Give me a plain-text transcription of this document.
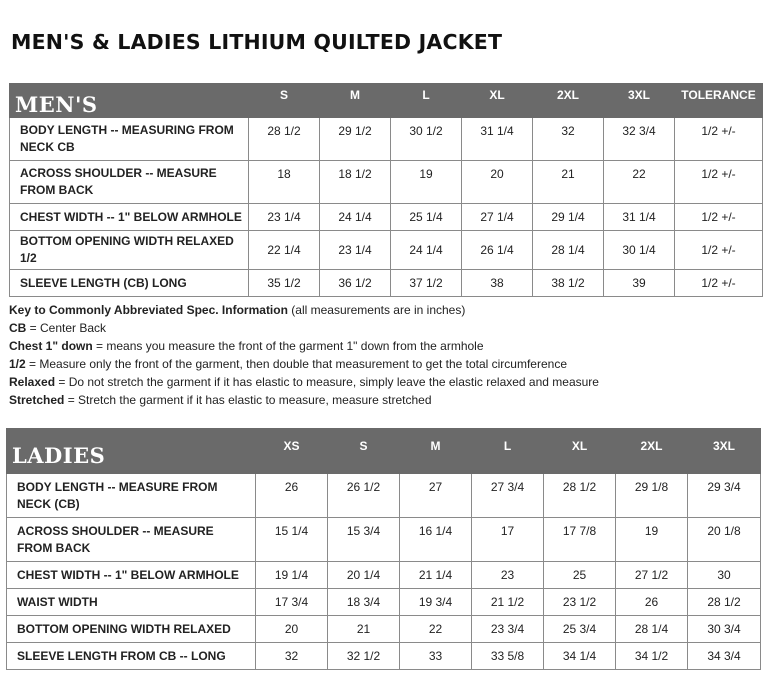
MEN'S & LADIES LITHIUM QUILTED JACKET
MEN'S	S	M	L	XL	2XL	3XL	TOLERANCE
BODY LENGTH -- MEASURING FROM NECK CB	28 1/2	29 1/2	30 1/2	31 1/4	32	32 3/4	1/2 +/-
ACROSS SHOULDER -- MEASURE FROM BACK	18	18 1/2	19	20	21	22	1/2 +/-
CHEST WIDTH -- 1" BELOW ARMHOLE	23 1/4	24 1/4	25 1/4	27 1/4	29 1/4	31 1/4	1/2 +/-
BOTTOM OPENING WIDTH RELAXED 1/2	22 1/4	23 1/4	24 1/4	26 1/4	28 1/4	30 1/4	1/2 +/-
SLEEVE LENGTH (CB) LONG	35 1/2	36 1/2	37 1/2	38	38 1/2	39	1/2 +/-

Key to Commonly Abbreviated Spec. Information (all measurements are in inches)

CB = Center Back

Chest 1" down = means you measure the front of the garment 1" down from the armhole

1/2 = Measure only the front of the garment, then double that measurement to get the total circumference

Relaxed = Do not stretch the garment if it has elastic to measure, simply leave the elastic relaxed and measure

Stretched = Stretch the garment if it has elastic to measure, measure stretched

LADIES	XS	S	M	L	XL	2XL	3XL
BODY LENGTH -- MEASURE FROM NECK (CB)	26	26 1/2	27	27 3/4	28 1/2	29 1/8	29 3/4
ACROSS SHOULDER -- MEASURE FROM BACK	15 1/4	15 3/4	16 1/4	17	17 7/8	19	20 1/8
CHEST WIDTH -- 1" BELOW ARMHOLE	19 1/4	20 1/4	21 1/4	23	25	27 1/2	30
WAIST WIDTH	17 3/4	18 3/4	19 3/4	21 1/2	23 1/2	26	28 1/2
BOTTOM OPENING WIDTH RELAXED	20	21	22	23 3/4	25 3/4	28 1/4	30 3/4
SLEEVE LENGTH FROM CB -- LONG	32	32 1/2	33	33 5/8	34 1/4	34 1/2	34 3/4
